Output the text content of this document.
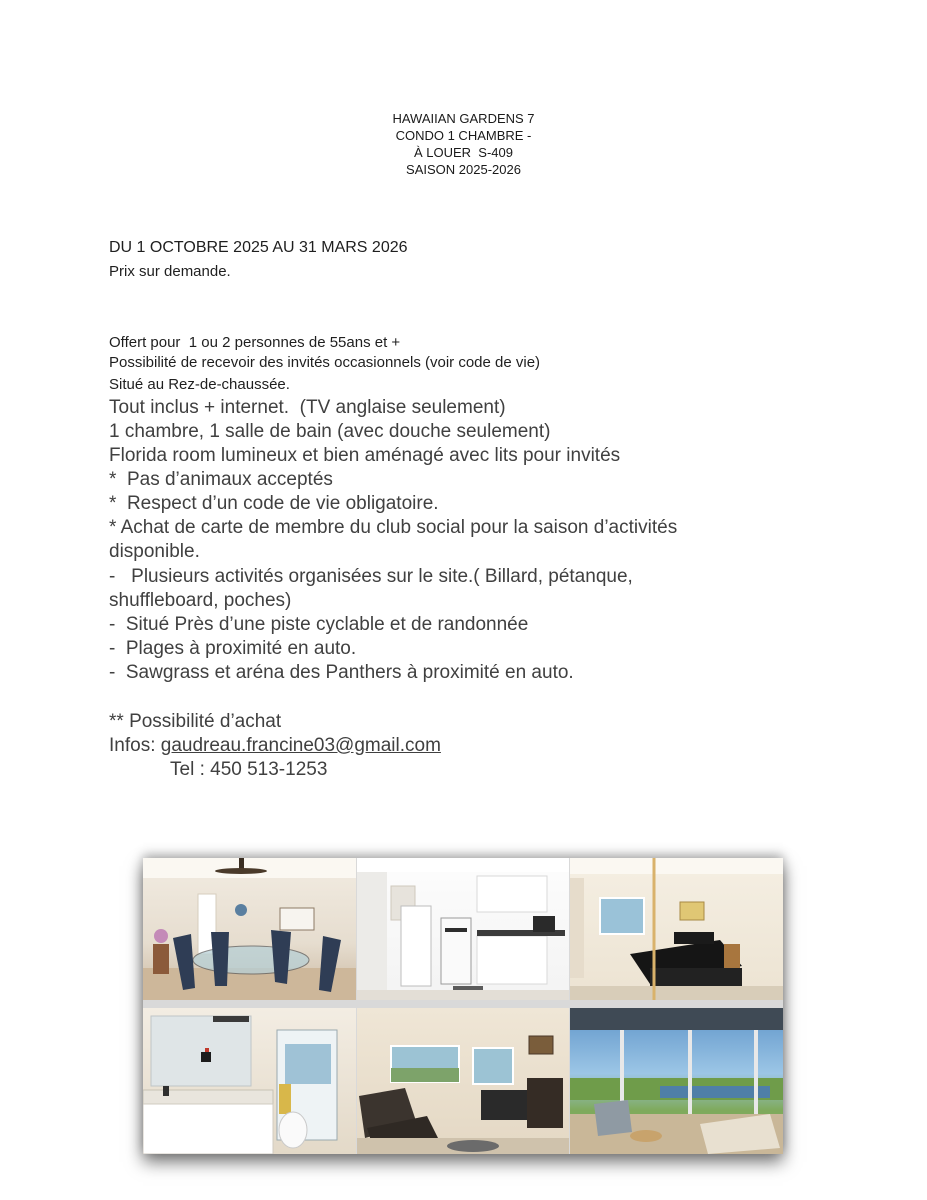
HAWAIIAN GARDENS 7
CONDO 1 CHAMBRE -
À LOUER  S-409
SAISON 2025-2026
DU 1 OCTOBRE 2025 AU 31 MARS 2026
Prix sur demande.
Offert pour  1 ou 2 personnes de 55ans et +
Possibilité de recevoir des invités occasionnels (voir code de vie)
Situé au Rez-de-chaussée.
Tout inclus + internet.  (TV anglaise seulement)
1 chambre, 1 salle de bain (avec douche seulement)
Florida room lumineux et bien aménagé avec lits pour invités
*  Pas d’animaux acceptés
*  Respect d’un code de vie obligatoire.
* Achat de carte de membre du club social pour la saison d’activités
disponible.
-   Plusieurs activités organisées sur le site.( Billard, pétanque,
shuffleboard, poches)
-  Situé Près d’une piste cyclable et de randonnée
-  Plages à proximité en auto.
-  Sawgrass et aréna des Panthers à proximité en auto.
** Possibilité d’achat
Infos: gaudreau.francine03@gmail.com
Tel : 450 513-1253
